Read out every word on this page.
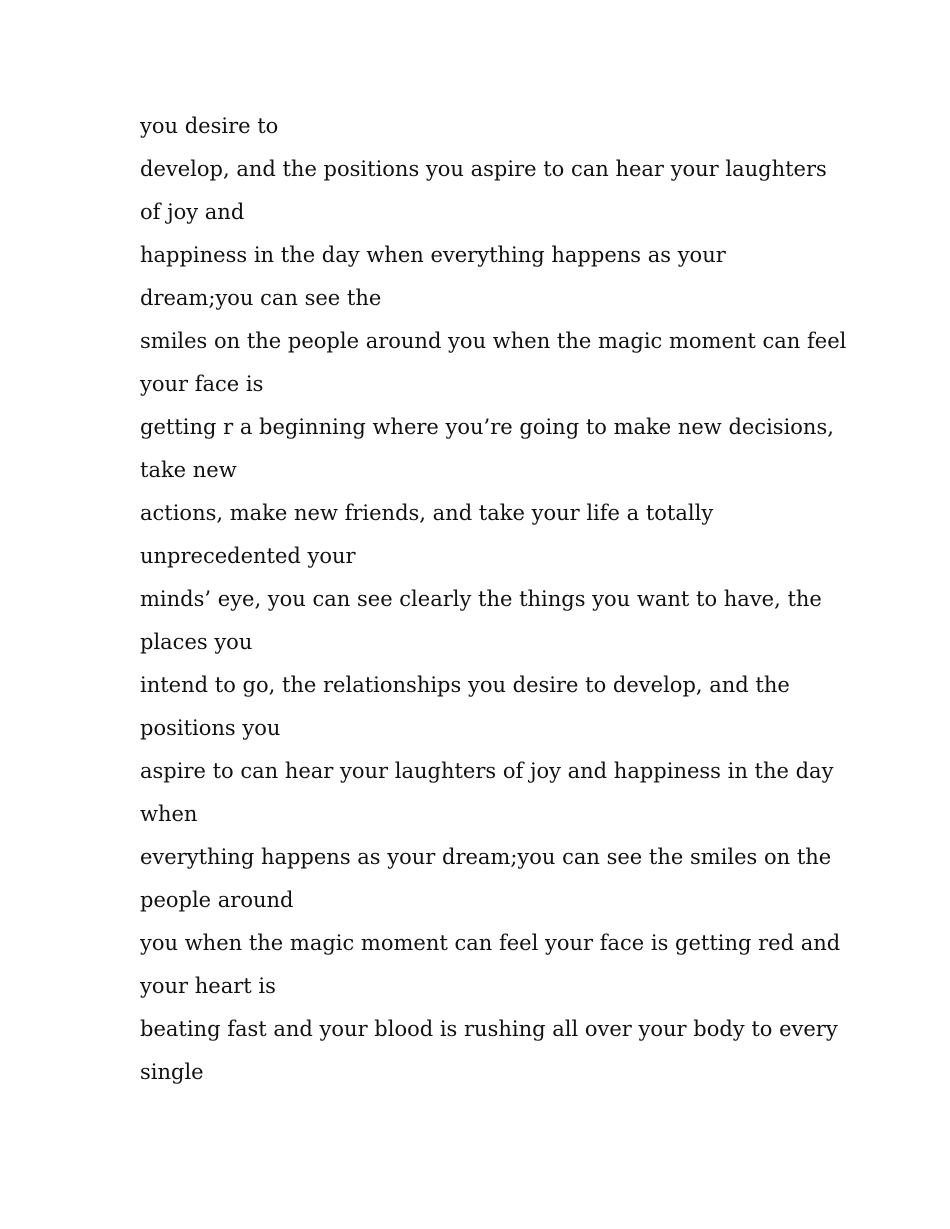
you desire to

develop, and the positions you aspire to can hear your laughters

of joy and

happiness in the day when everything happens as your

dream;you can see the

smiles on the people around you when the magic moment can feel

your face is

getting r a beginning where you’re going to make new decisions,

take new

actions, make new friends, and take your life a totally

unprecedented your

minds’ eye, you can see clearly the things you want to have, the

places you

intend to go, the relationships you desire to develop, and the

positions you

aspire to can hear your laughters of joy and happiness in the day

when

everything happens as your dream;you can see the smiles on the

people around

you when the magic moment can feel your face is getting red and

your heart is

beating fast and your blood is rushing all over your body to every

single
